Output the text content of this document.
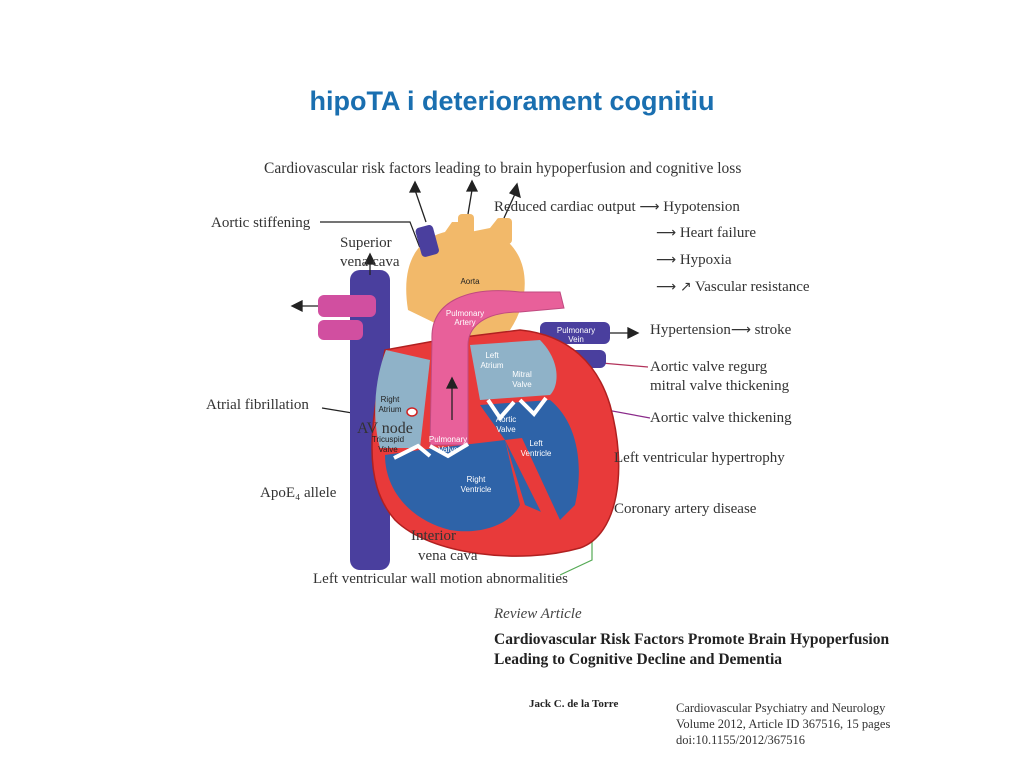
hipoTA i deteriorament cognitiu
Cardiovascular risk factors leading to brain hypoperfusion and cognitive loss
Aorta
Pulmonary
Artery
Pulmonary
Vein
Left
Atrium
Mitral
Valve
Right
Atrium
Tricuspid
Valve
Aortic
Valve
Pulmonary
Valve
Left
Ventricle
Right
Ventricle
Aortic stiffening
Superior
vena cava
Atrial fibrillation
AV node
ApoE₄ allele
Interior
vena cava
Left ventricular wall motion abnormalities
Reduced cardiac output ⟶ Hypotension
⟶ Heart failure
⟶ Hypoxia
⟶ ↗ Vascular resistance
Hypertension⟶ stroke
Aortic valve regurg
mitral valve thickening
Aortic valve thickening
Left ventricular hypertrophy
Coronary artery disease
Review Article
Cardiovascular Risk Factors Promote Brain Hypoperfusion
Leading to Cognitive Decline and Dementia
Jack C. de la Torre	Cardiovascular Psychiatry and Neurology
Volume 2012, Article ID 367516, 15 pages
doi:10.1155/2012/367516
